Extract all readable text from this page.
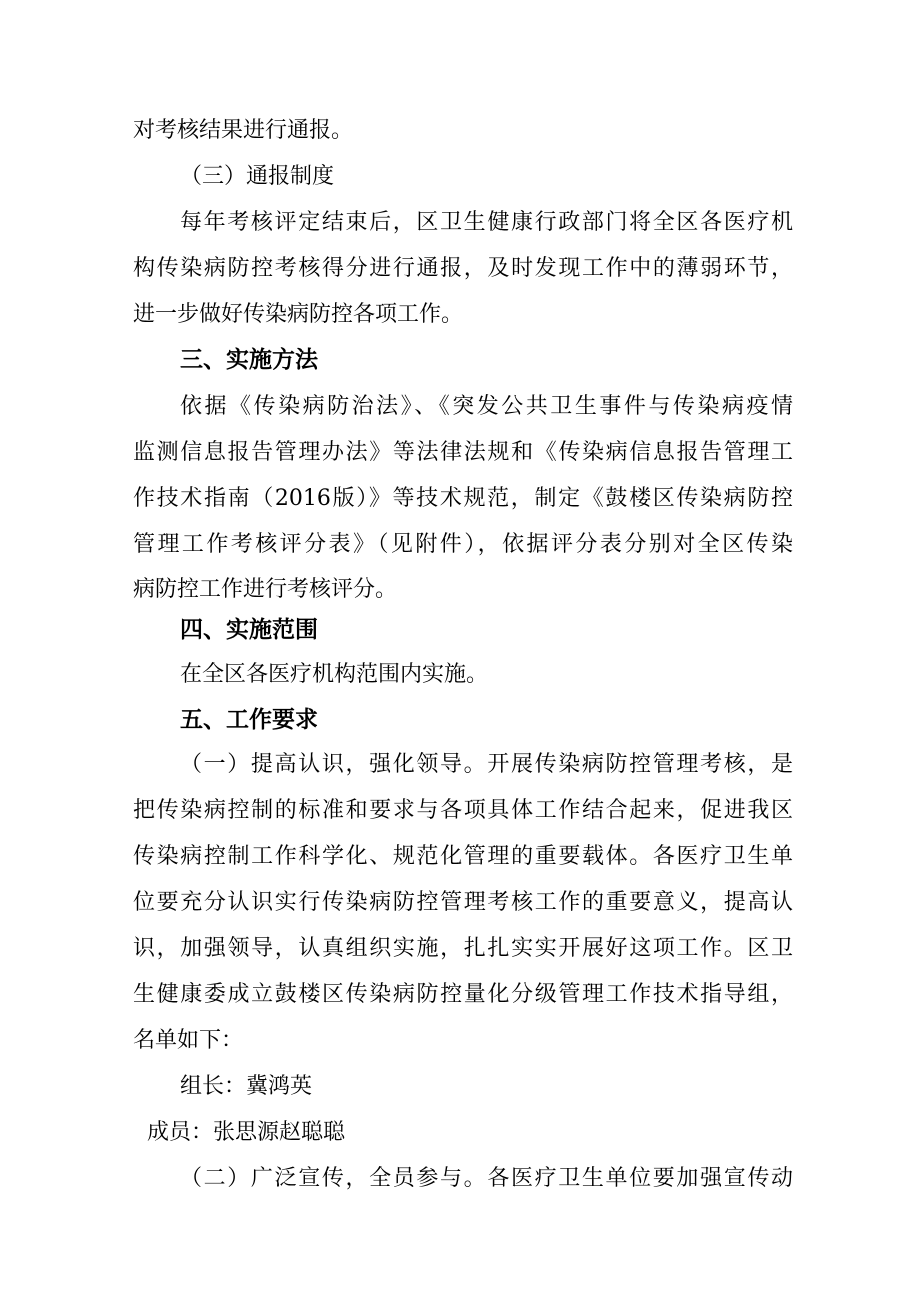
对考核结果进行通报。
（三）通报制度
每年考核评定结束后，区卫生健康行政部门将全区各医疗机
构传染病防控考核得分进行通报，及时发现工作中的薄弱环节，
进一步做好传染病防控各项工作。
三、实施方法
依据《传染病防治法》、《突发公共卫生事件与传染病疫情
监测信息报告管理办法》等法律法规和《传染病信息报告管理工
作技术指南（2016版）》等技术规范，制定《鼓楼区传染病防控
管理工作考核评分表》（见附件），依据评分表分别对全区传染
病防控工作进行考核评分。
四、实施范围
在全区各医疗机构范围内实施。
五、工作要求
（一）提高认识，强化领导。开展传染病防控管理考核，是
把传染病控制的标准和要求与各项具体工作结合起来，促进我区
传染病控制工作科学化、规范化管理的重要载体。各医疗卫生单
位要充分认识实行传染病防控管理考核工作的重要意义，提高认
识，加强领导，认真组织实施，扎扎实实开展好这项工作。区卫
生健康委成立鼓楼区传染病防控量化分级管理工作技术指导组，
名单如下：
组长：冀鸿英
成员：张思源赵聪聪
（二）广泛宣传，全员参与。各医疗卫生单位要加强宣传动
